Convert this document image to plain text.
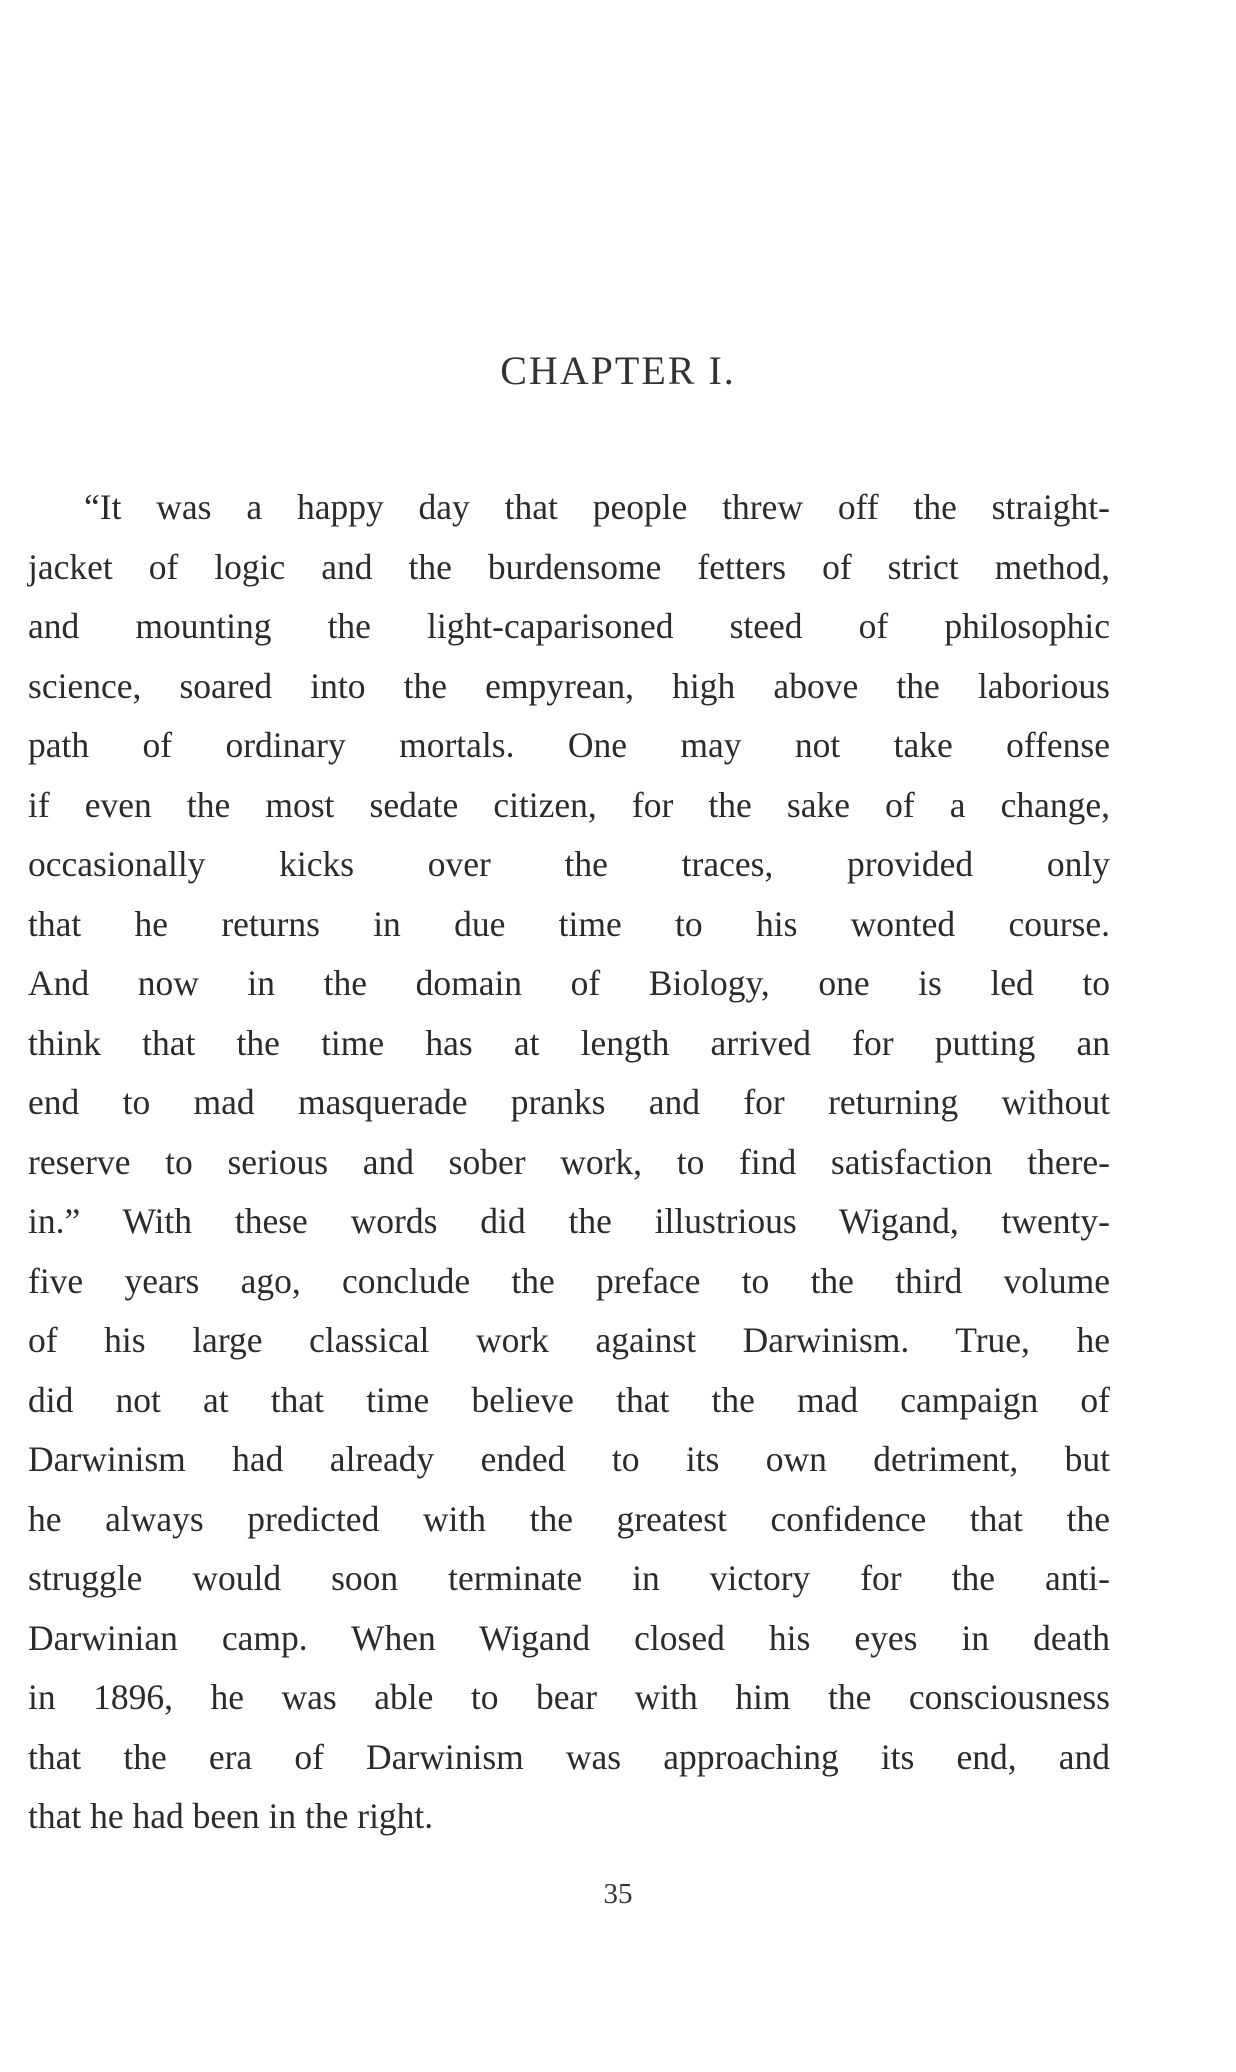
CHAPTER I.
“It was a happy day that people threw off the straight-
jacket of logic and the burdensome fetters of strict method,
and mounting the light-caparisoned steed of philosophic
science, soared into the empyrean, high above the laborious
path of ordinary mortals. One may not take offense
if even the most sedate citizen, for the sake of a change,
occasionally kicks over the traces, provided only
that he returns in due time to his wonted course.
And now in the domain of Biology, one is led to
think that the time has at length arrived for putting an
end to mad masquerade pranks and for returning without
reserve to serious and sober work, to find satisfaction there-
in.” With these words did the illustrious Wigand, twenty-
five years ago, conclude the preface to the third volume
of his large classical work against Darwinism. True, he
did not at that time believe that the mad campaign of
Darwinism had already ended to its own detriment, but
he always predicted with the greatest confidence that the
struggle would soon terminate in victory for the anti-
Darwinian camp. When Wigand closed his eyes in death
in 1896, he was able to bear with him the consciousness
that the era of Darwinism was approaching its end, and
that he had been in the right.
35
